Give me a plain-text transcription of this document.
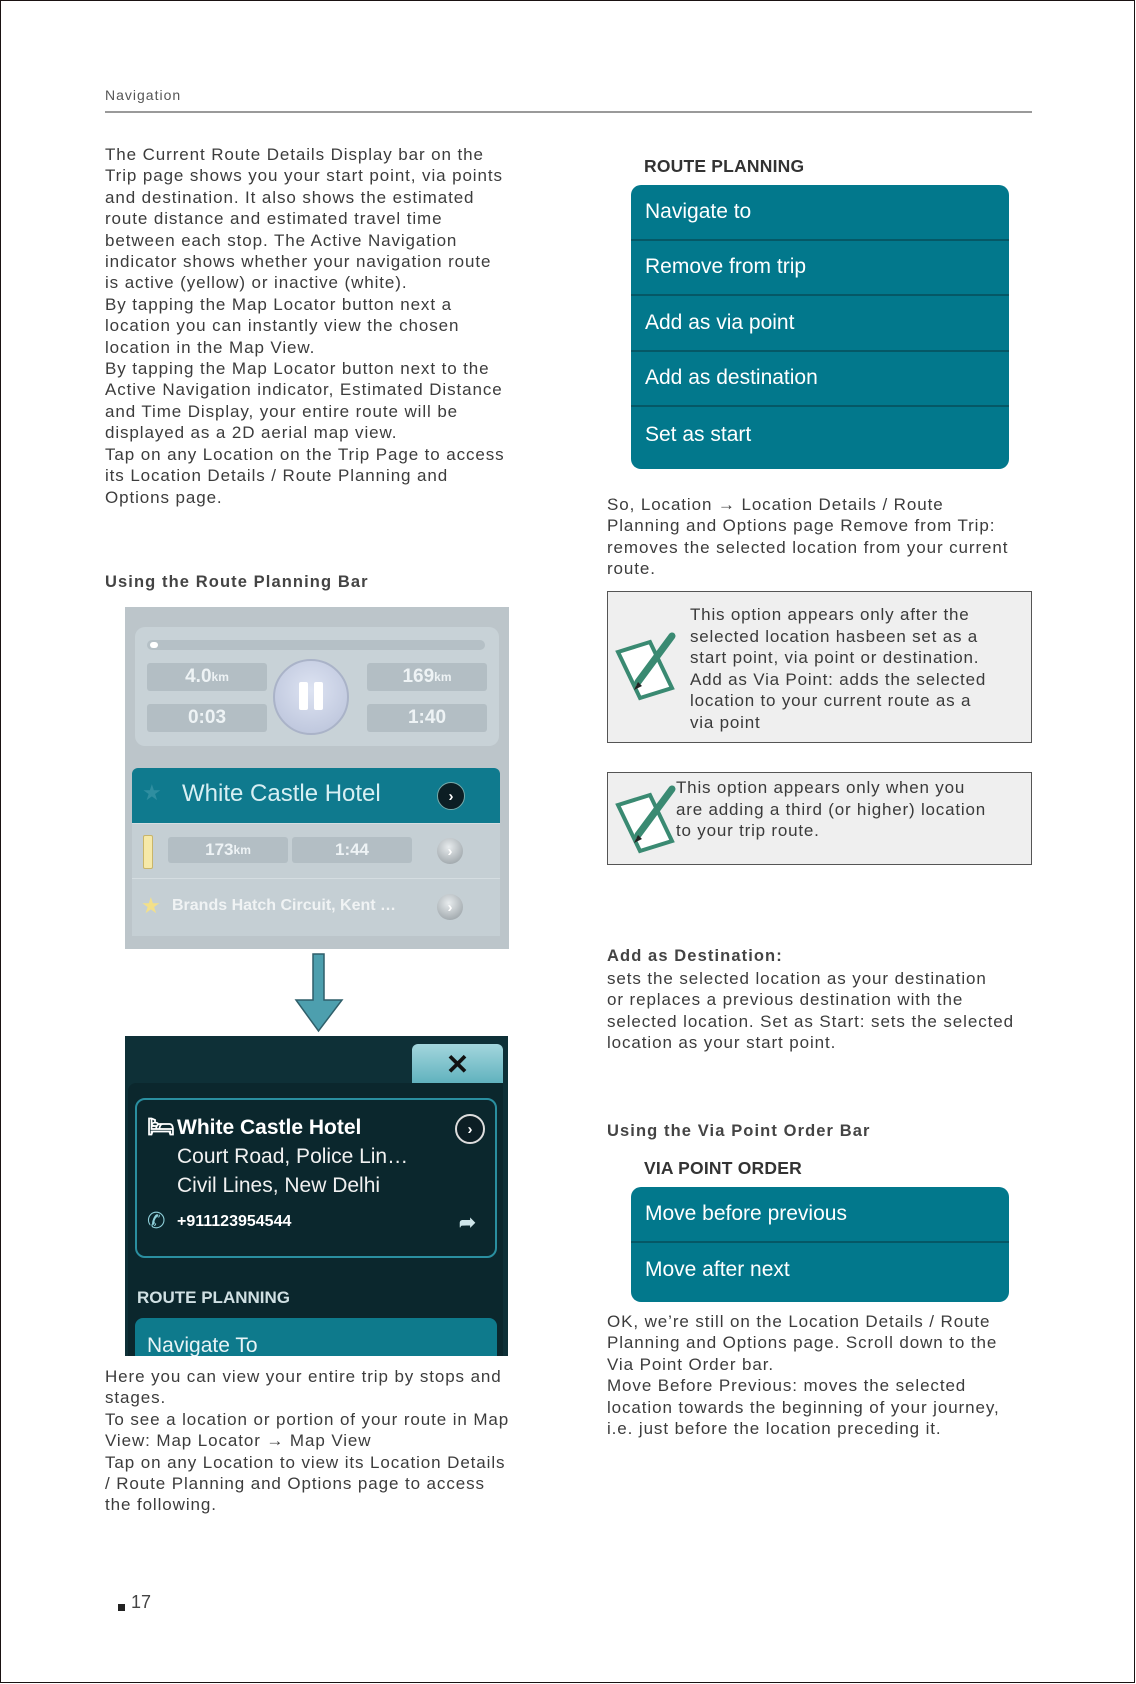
Navigation
The Current Route Details Display bar on the
Trip page shows you your start point, via points
and destination. It also shows the estimated
route distance and estimated travel time
between each stop. The Active Navigation
indicator shows whether your navigation route
is active (yellow) or inactive (white).
By tapping the Map Locator button next a
location you can instantly view the chosen
location in the Map View.
By tapping the Map Locator button next to the
Active Navigation indicator, Estimated Distance
and Time Display, your entire route will be
displayed as a 2D aerial map view.
Tap on any Location on the Trip Page to access
its Location Details / Route Planning and
Options page.
Using the Route Planning Bar
4.0 km
0:03
169 km
1:40
★ White Castle Hotel	›
173 km	1:44	›
★ Brands Hatch Circuit, Kent …	›
✕
🛏︎ White Castle Hotel
Court Road, Police Lin…
Civil Lines, New Delhi
›
✆ +911123954544	➦
ROUTE PLANNING
Navigate To
Here you can view your entire trip by stops and
stages.
To see a location or portion of your route in Map
View: Map Locator → Map View
Tap on any Location to view its Location Details
/ Route Planning and Options page to access
the following.
ROUTE PLANNING
Navigate to
Remove from trip
Add as via point
Add as destination
Set as start
So, Location → Location Details / Route
Planning and Options page Remove from Trip:
removes the selected location from your current
route.
This option appears only after the
selected location hasbeen set as a
start point, via point or destination.
Add as Via Point: adds the selected
location to your current route as a
via point
This option appears only when you
are adding a third (or higher) location
to your trip route.
Add as Destination:
sets the selected location as your destination
or replaces a previous destination with the
selected location. Set as Start: sets the selected
location as your start point.
Using the Via Point Order Bar
VIA POINT ORDER
Move before previous
Move after next
OK, we’re still on the Location Details / Route
Planning and Options page. Scroll down to the
Via Point Order bar.
Move Before Previous: moves the selected
location towards the beginning of your journey,
i.e. just before the location preceding it.
17
